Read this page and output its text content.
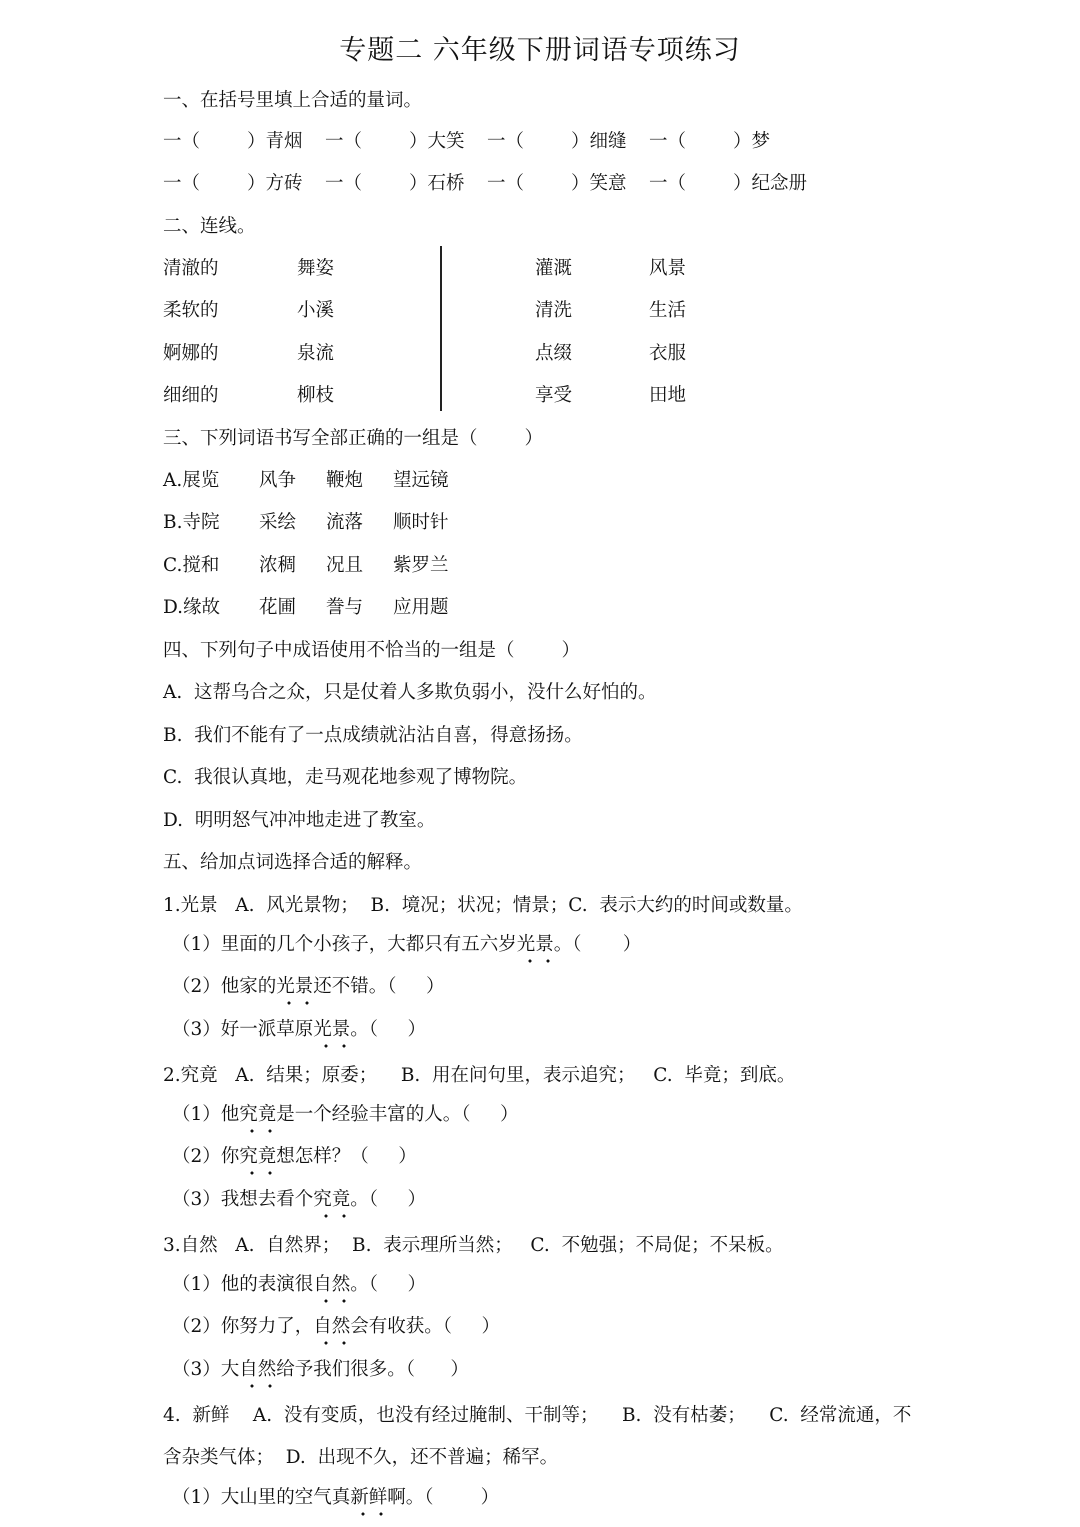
专题二 六年级下册词语专项练习
一、在括号里填上合适的量词。
一（        ）青烟 一（        ）大笑 一（        ）细缝 一（        ）梦
一（        ）方砖 一（        ）石桥 一（        ）笑意 一（        ）纪念册
二、连线。
清澈的	舞姿	灌溉	风景
柔软的	小溪	清洗	生活
婀娜的	泉流	点缀	衣服
细细的	柳枝	享受	田地
三、下列词语书写全部正确的一组是（        ）
A.展览 风争 鞭炮 望远镜
B.寺院 采绘 流落 顺时针
C.搅和 浓稠 况且 紫罗兰
D.缘故 花圃 誊与 应用题
四、下列句子中成语使用不恰当的一组是（        ）
A.  这帮乌合之众，只是仗着人多欺负弱小，没什么好怕的。
B.  我们不能有了一点成绩就沾沾自喜，得意扬扬。
C.  我很认真地，走马观花地参观了博物院。
D.  明明怒气冲冲地走进了教室。
五、给加点词选择合适的解释。
1.光景   A.  风光景物；  B.  境况；状况；情景；C.  表示大约的时间或数量。
（1）里面的几个小孩子，大都只有五六岁光景。（       ）
（2）他家的光景还不错。（     ）
（3）好一派草原光景。（     ）
2.究竟   A.  结果；原委；    B.  用在问句里，表示追究；   C.  毕竟；到底。
（1）他究竟是一个经验丰富的人。（     ）
（2）你究竟想怎样？（     ）
（3）我想去看个究竟。（     ）
3.自然   A.  自然界；  B.  表示理所当然；   C.  不勉强；不局促；不呆板。
（1）他的表演很自然。（     ）
（2）你努力了，自然会有收获。（     ）
（3）大自然给予我们很多。（      ）
4.  新鲜    A.  没有变质，也没有经过腌制、干制等；    B.  没有枯萎；    C.  经常流通，不
含杂类气体；  D.  出现不久，还不普遍；稀罕。
（1）大山里的空气真新鲜啊。（        ）
